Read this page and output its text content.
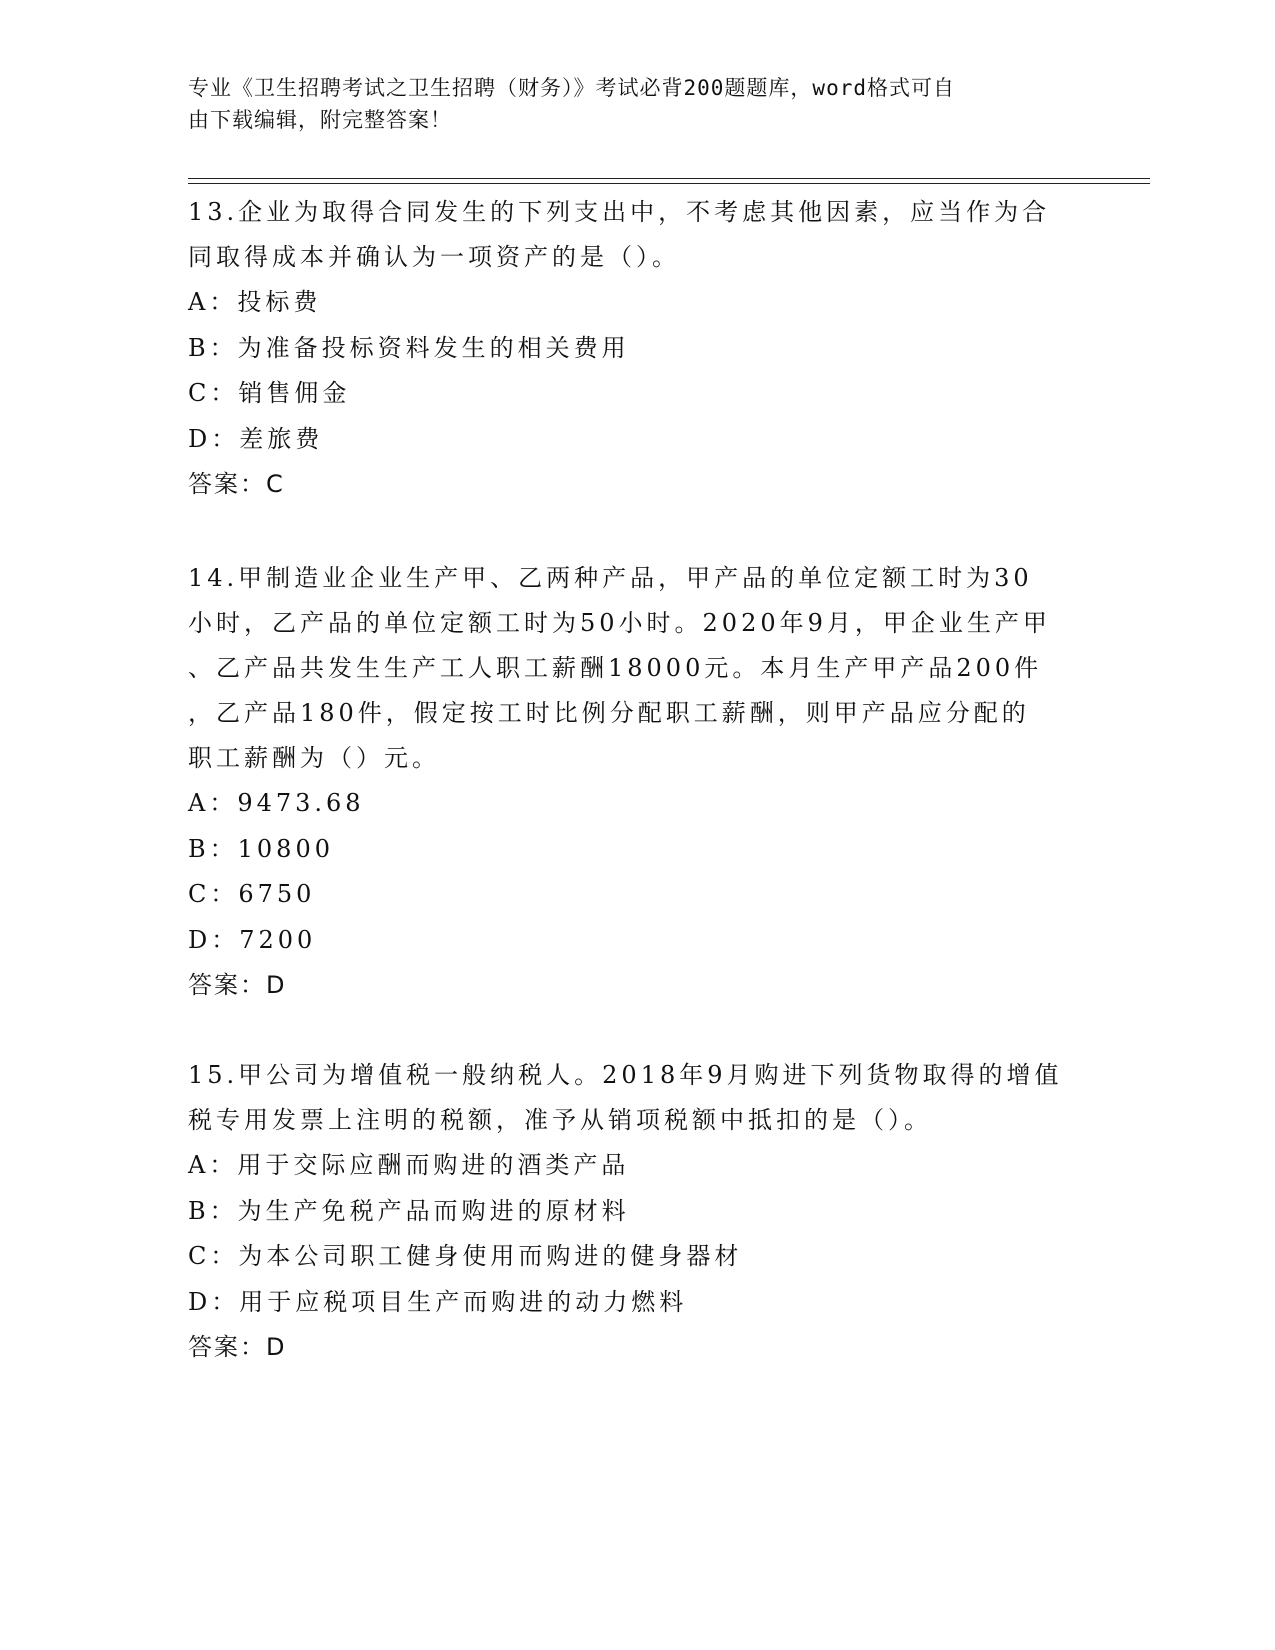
专业《卫生招聘考试之卫生招聘（财务）》考试必背200题题库，word格式可自
由下载编辑，附完整答案！

13.企业为取得合同发生的下列支出中，不考虑其他因素，应当作为合

同取得成本并确认为一项资产的是（）。

A：投标费

B：为准备投标资料发生的相关费用

C：销售佣金

D：差旅费

答案：C

14.甲制造业企业生产甲、乙两种产品，甲产品的单位定额工时为30

小时，乙产品的单位定额工时为50小时。2020年9月，甲企业生产甲

、乙产品共发生生产工人职工薪酬18000元。本月生产甲产品200件

，乙产品180件，假定按工时比例分配职工薪酬，则甲产品应分配的

职工薪酬为（）元。

A：9473.68

B：10800

C：6750

D：7200

答案：D

15.甲公司为增值税一般纳税人。2018年9月购进下列货物取得的增值

税专用发票上注明的税额，准予从销项税额中抵扣的是（）。

A：用于交际应酬而购进的酒类产品

B：为生产免税产品而购进的原材料

C：为本公司职工健身使用而购进的健身器材

D：用于应税项目生产而购进的动力燃料

答案：D
